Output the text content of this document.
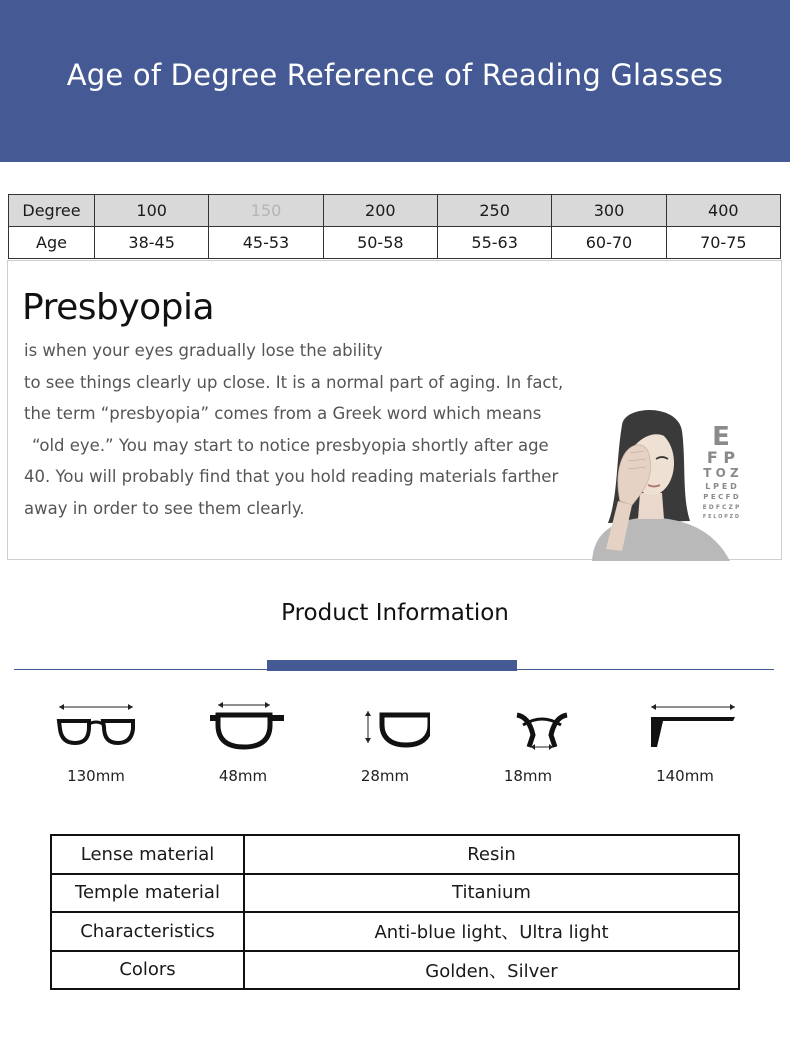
Age of Degree Reference of Reading Glasses
Degree	100	150	200	250	300	400
Age	38-45	45-53	50-58	55-63	60-70	70-75
Presbyopia
is when your eyes gradually lose the ability
to see things clearly up close. It is a normal part of aging. In fact,
the term “presbyopia” comes from a Greek word which means
“old eye.” You may start to notice presbyopia shortly after age
40. You will probably find that you hold reading materials farther
away in order to see them clearly.
E
F P
T O Z
L P E D
P E C F D
E D F C Z P
F E L O P Z D
Product Information
130mm	48mm	28mm	18mm	140mm
Lense material	Resin
Temple material	Titanium
Characteristics	Anti-blue light、Ultra light
Colors	Golden、Silver
